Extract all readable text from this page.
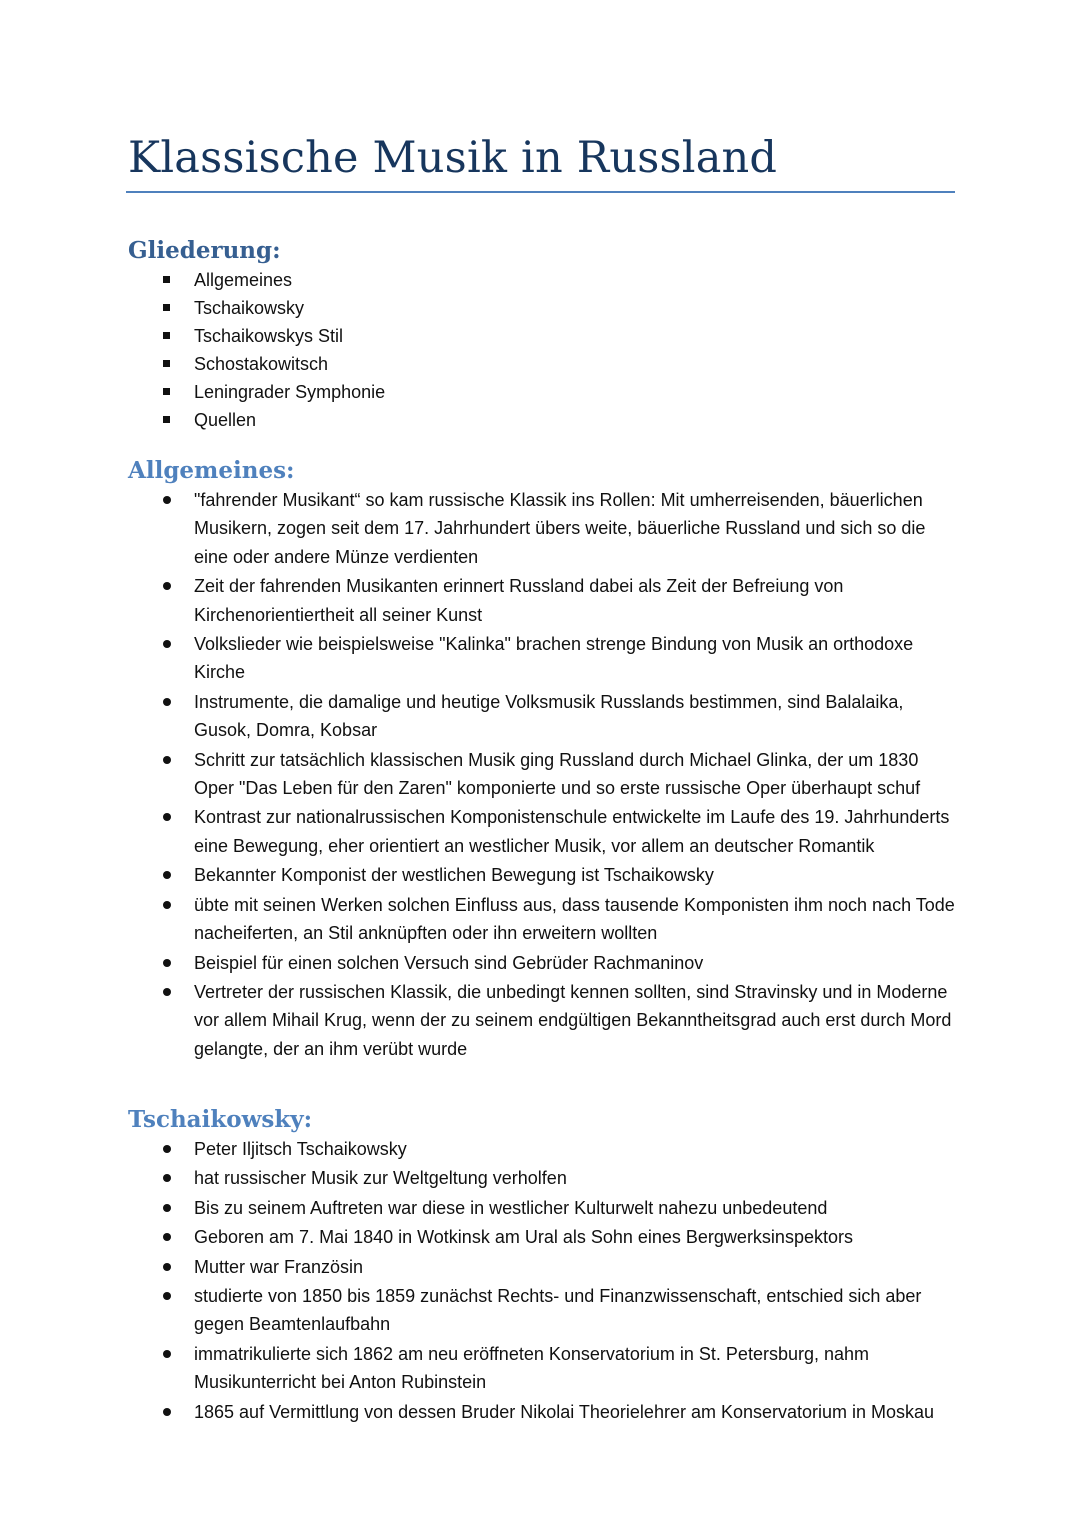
Klassische Musik in Russland
Gliederung:
Allgemeines
Tschaikowsky
Tschaikowskys Stil
Schostakowitsch
Leningrader Symphonie
Quellen
Allgemeines:
"fahrender Musikant“ so kam russische Klassik ins Rollen: Mit umherreisenden, bäuerlichen Musikern, zogen seit dem 17. Jahrhundert übers weite, bäuerliche Russland und sich so die eine oder andere Münze verdienten
Zeit der fahrenden Musikanten erinnert Russland dabei als Zeit der Befreiung von Kirchenorientiertheit all seiner Kunst
Volkslieder wie beispielsweise "Kalinka" brachen strenge Bindung von Musik an orthodoxe Kirche
Instrumente, die damalige und heutige Volksmusik Russlands bestimmen, sind Balalaika, Gusok, Domra, Kobsar
Schritt zur tatsächlich klassischen Musik ging Russland durch Michael Glinka, der um 1830 Oper "Das Leben für den Zaren" komponierte und so erste russische Oper überhaupt schuf
Kontrast zur nationalrussischen Komponistenschule entwickelte im Laufe des 19. Jahrhunderts eine Bewegung, eher orientiert an westlicher Musik, vor allem an deutscher Romantik
Bekannter Komponist der westlichen Bewegung ist Tschaikowsky
übte mit seinen Werken solchen Einfluss aus, dass tausende Komponisten ihm noch nach Tode nacheiferten, an Stil anknüpften oder ihn erweitern wollten
Beispiel für einen solchen Versuch sind Gebrüder Rachmaninov
Vertreter der russischen Klassik, die unbedingt kennen sollten, sind Stravinsky und in Moderne vor allem Mihail Krug, wenn der zu seinem endgültigen Bekanntheitsgrad auch erst durch Mord gelangte, der an ihm verübt wurde
Tschaikowsky:
Peter Iljitsch Tschaikowsky
hat russischer Musik zur Weltgeltung verholfen
Bis zu seinem Auftreten war diese in westlicher Kulturwelt nahezu unbedeutend
Geboren am 7. Mai 1840 in Wotkinsk am Ural als Sohn eines Bergwerksinspektors
Mutter war Französin
studierte von 1850 bis 1859 zunächst Rechts- und Finanzwissenschaft, entschied sich aber gegen Beamtenlaufbahn
immatrikulierte sich 1862 am neu eröffneten Konservatorium in St. Petersburg, nahm Musikunterricht bei Anton Rubinstein
1865 auf Vermittlung von dessen Bruder Nikolai Theorielehrer am Konservatorium in Moskau
